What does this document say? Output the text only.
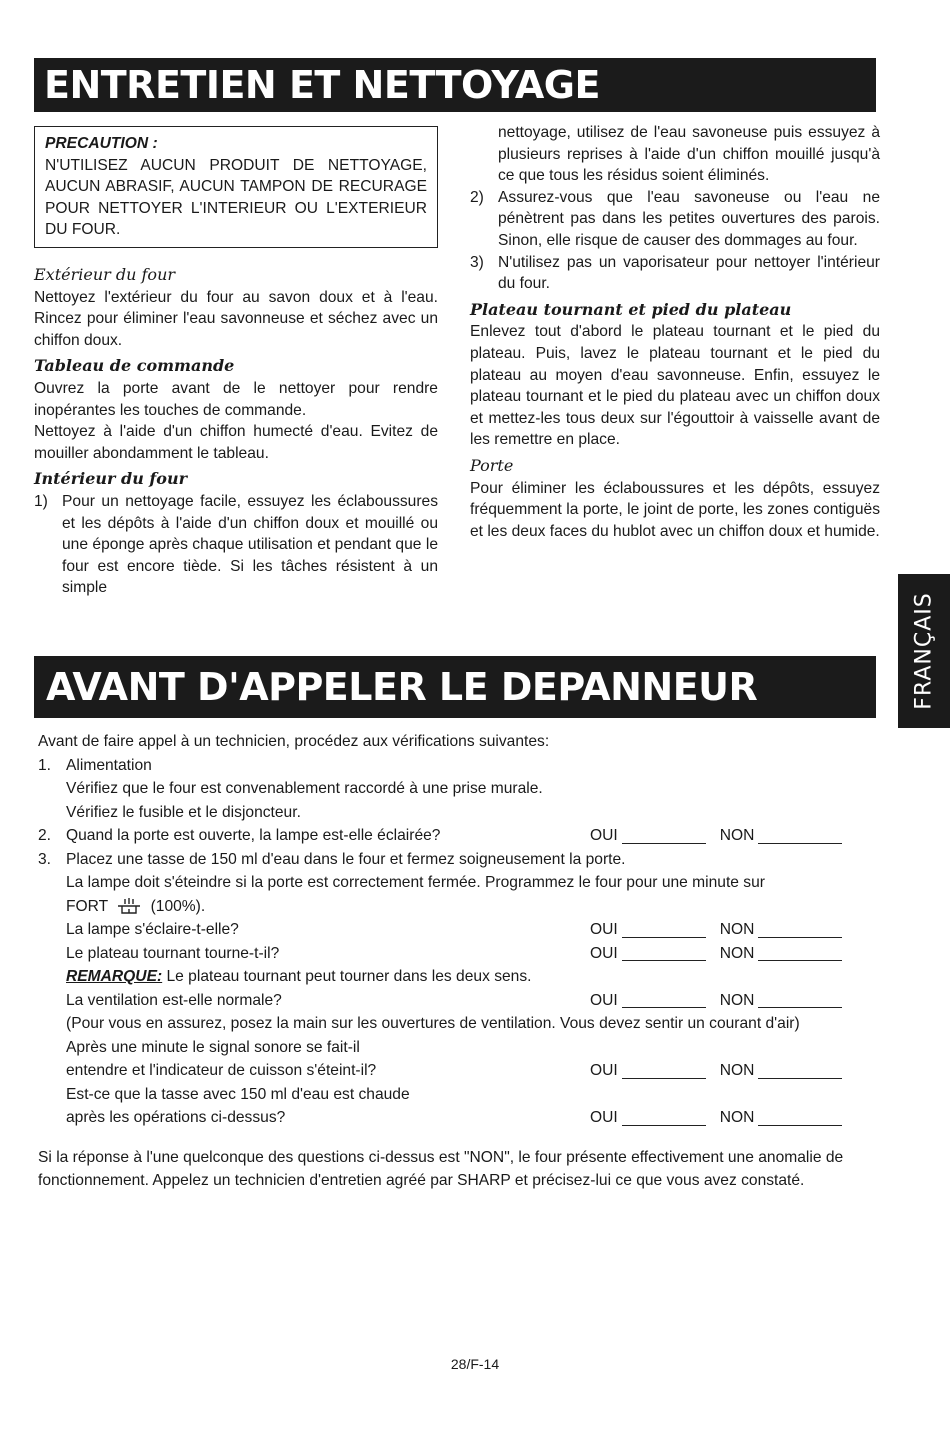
ENTRETIEN ET NETTOYAGE
PRECAUTION :
N'UTILISEZ AUCUN PRODUIT DE NETTOYAGE, AUCUN ABRASIF, AUCUN TAMPON DE RECURAGE POUR NETTOYER L'INTERIEUR OU L'EXTERIEUR DU FOUR.
Extérieur du four

Nettoyez l'extérieur du four au savon doux et à l'eau. Rincez pour éliminer l'eau savonneuse et séchez avec un chiffon doux.

Tableau de commande

Ouvrez la porte avant de le nettoyer pour rendre inopérantes les touches de commande.

Nettoyez à l'aide d'un chiffon humecté d'eau. Evitez de mouiller abondamment le tableau.

Intérieur du four
1) Pour un nettoyage facile, essuyez les éclaboussures et les dépôts à l'aide d'un chiffon doux et mouillé ou une éponge après chaque utilisation et pendant que le four est encore tiède. Si les tâches résistent à un simple

nettoyage, utilisez de l'eau savoneuse puis essuyez à plusieurs reprises à l'aide d'un chiffon mouillé jusqu'à ce que tous les résidus soient éliminés.

2) Assurez-vous que l'eau savoneuse ou l'eau ne pénètrent pas dans les petites ouvertures des parois. Sinon, elle risque de causer des dommages au four.
3) N'utilisez pas un vaporisateur pour nettoyer l'intérieur du four.
Plateau tournant et pied du plateau

Enlevez tout d'abord le plateau tournant et le pied du plateau. Puis, lavez le plateau tournant et le pied du plateau au moyen d'eau savonneuse. Enfin, essuyez le plateau tournant et le pied du plateau avec un chiffon doux et mettez-les tous deux sur l'égouttoir à vaisselle avant de les remettre en place.

Porte

Pour éliminer les éclaboussures et les dépôts, essuyez fréquemment la porte, le joint de porte, les zones contiguës et les deux faces du hublot avec un chiffon doux et humide.

FRANÇAIS
AVANT D'APPELER LE DEPANNEUR
Avant de faire appel à un technicien, procédez aux vérifications suivantes:
1. Alimentation
Vérifiez que le four est convenablement raccordé à une prise murale.
Vérifiez le fusible et le disjoncteur.
2. Quand la porte est ouverte, la lampe est-elle éclairée?	OUI	NON
3. Placez une tasse de 150 ml d'eau dans le four et fermez soigneusement la porte.
La lampe doit s'éteindre si la porte est correctement fermée. Programmez le four pour une minute sur
FORT	(100%).
La lampe s'éclaire-t-elle?	OUI	NON
Le plateau tournant tourne-t-il?	OUI	NON
REMARQUE: Le plateau tournant peut tourner dans les deux sens.
La ventilation est-elle normale?	OUI	NON
(Pour vous en assurez, posez la main sur les ouvertures de ventilation. Vous devez sentir un courant d'air)
Après une minute le signal sonore se fait-il
entendre et l'indicateur de cuisson s'éteint-il?	OUI	NON
Est-ce que la tasse avec 150 ml d'eau est chaude
après les opérations ci-dessus?	OUI	NON
Si la réponse à l'une quelconque des questions ci-dessus est "NON", le four présente effectivement une anomalie de fonctionnement. Appelez un technicien d'entretien agréé par SHARP et précisez-lui ce que vous avez constaté.
28/F-14
